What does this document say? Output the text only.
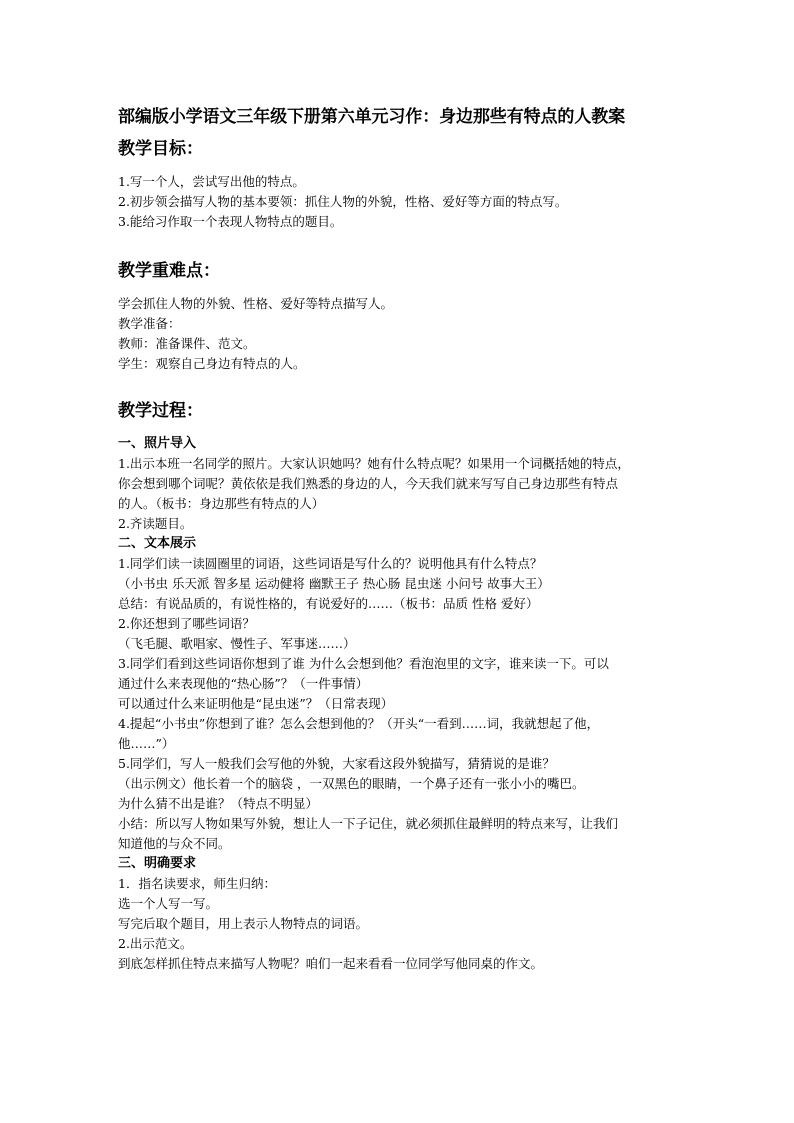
部编版小学语文三年级下册第六单元习作：身边那些有特点的人教案
教学目标：

1.写一个人，尝试写出他的特点。

2.初步领会描写人物的基本要领：抓住人物的外貌，性格、爱好等方面的特点写。

3.能给习作取一个表现人物特点的题目。

教学重难点：

学会抓住人物的外貌、性格、爱好等特点描写人。

教学准备：

教师：准备课件、范文。

学生：观察自己身边有特点的人。

教学过程：
一、照片导入

1.出示本班一名同学的照片。大家认识她吗？她有什么特点呢？如果用一个词概括她的特点，

你会想到哪个词呢？黄依依是我们熟悉的身边的人，今天我们就来写写自己身边那些有特点

的人。（板书：身边那些有特点的人）

2.齐读题目。

二、文本展示

1.同学们读一读圆圈里的词语，这些词语是写什么的？说明他具有什么特点？

（小书虫 乐天派 智多星 运动健将 幽默王子 热心肠 昆虫迷 小问号 故事大王）

总结：有说品质的，有说性格的，有说爱好的……（板书：品质 性格 爱好）

2.你还想到了哪些词语？

（飞毛腿、歌唱家、慢性子、军事迷……）

3.同学们看到这些词语你想到了谁 为什么会想到他？看泡泡里的文字，谁来读一下。可以

通过什么来表现他的“热心肠”？（一件事情）

可以通过什么来证明他是“昆虫迷”？（日常表现）

4.提起“小书虫”你想到了谁？怎么会想到他的？（开头“一看到……词，我就想起了他，

他……”）

5.同学们，写人一般我们会写他的外貌，大家看这段外貌描写，猜猜说的是谁？

（出示例文）他长着一个的脑袋 ，一双黑色的眼睛，一个鼻子还有一张小小的嘴巴。

为什么猜不出是谁？（特点不明显）

小结：所以写人物如果写外貌，想让人一下子记住，就必须抓住最鲜明的特点来写，让我们

知道他的与众不同。

三、明确要求

1．指名读要求，师生归纳：

选一个人写一写。

写完后取个题目，用上表示人物特点的词语。

2.出示范文。

到底怎样抓住特点来描写人物呢？咱们一起来看看一位同学写他同桌的作文。
